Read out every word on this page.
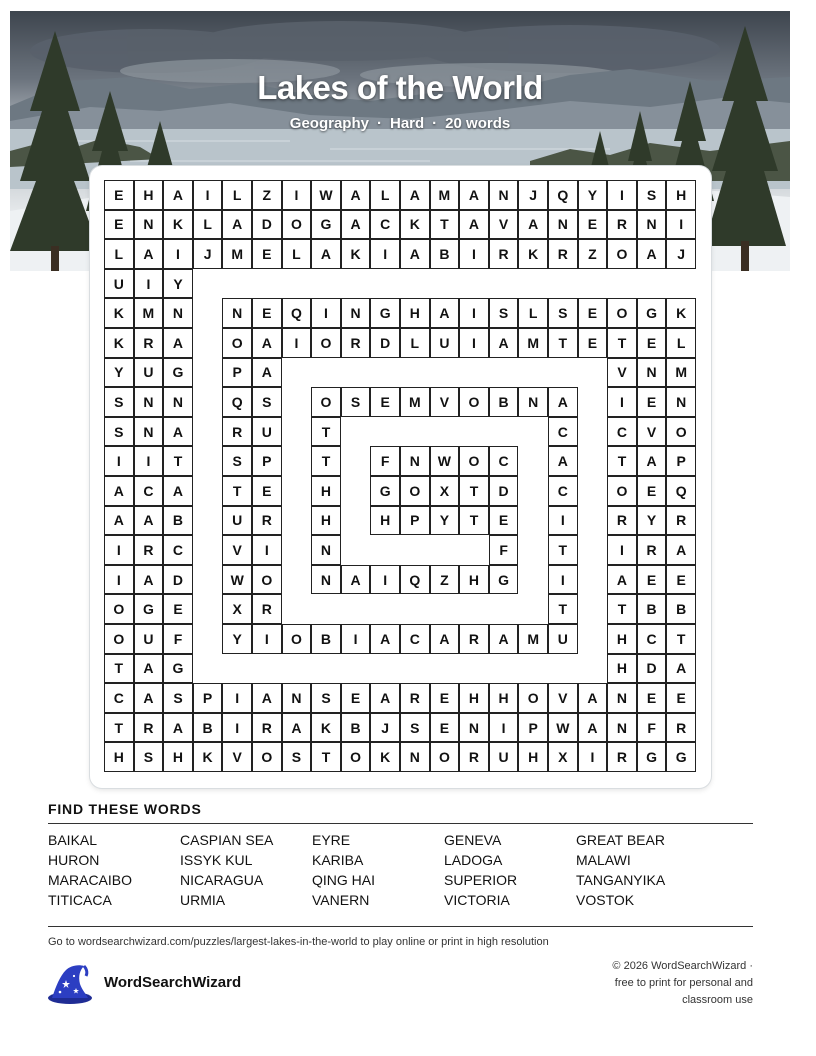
Lakes of the World
Geography · Hard · 20 words
E	H	A	I	L	Z	I	W	A	L	A	M	A	N	J	Q	Y	I	S	H
E	N	K	L	A	D	O	G	A	C	K	T	A	V	A	N	E	R	N	I
L	A	I	J	M	E	L	A	K	I	A	B	I	R	K	R	Z	O	A	J
U	I	Y
K	M	N	N	E	Q	I	N	G	H	A	I	S	L	S	E	O	G	K
K	R	A	O	A	I	O	R	D	L	U	I	A	M	T	E	T	E	L
Y	U	G	P	A	V	N	M
S	N	N	Q	S	O	S	E	M	V	O	B	N	A	I	E	N
S	N	A	R	U	T	C	C	V	O
I	I	T	S	P	T	F	N	W	O	C	A	T	A	P
A	C	A	T	E	H	G	O	X	T	D	C	O	E	Q
A	A	B	U	R	H	H	P	Y	T	E	I	R	Y	R
I	R	C	V	I	N	F	T	I	R	A
I	A	D	W	O	N	A	I	Q	Z	H	G	I	A	E	E
O	G	E	X	R	T	T	B	B
O	U	F	Y	I	O	B	I	A	C	A	R	A	M	U	H	C	T
T	A	G	H	D	A
C	A	S	P	I	A	N	S	E	A	R	E	H	H	O	V	A	N	E	E
T	R	A	B	I	R	A	K	B	J	S	E	N	I	P	W	A	N	F	R
H	S	H	K	V	O	S	T	O	K	N	O	R	U	H	X	I	R	G	G
FIND THESE WORDS
BAIKAL	CASPIAN SEA	EYRE	GENEVA	GREAT BEAR
HURON	ISSYK KUL	KARIBA	LADOGA	MALAWI
MARACAIBO	NICARAGUA	QING HAI	SUPERIOR	TANGANYIKA
TITICACA	URMIA	VANERN	VICTORIA	VOSTOK
Go to wordsearchwizard.com/puzzles/largest-lakes-in-the-world to play online or print in high resolution
WordSearchWizard
© 2026 WordSearchWizard ·
free to print for personal and
classroom use
